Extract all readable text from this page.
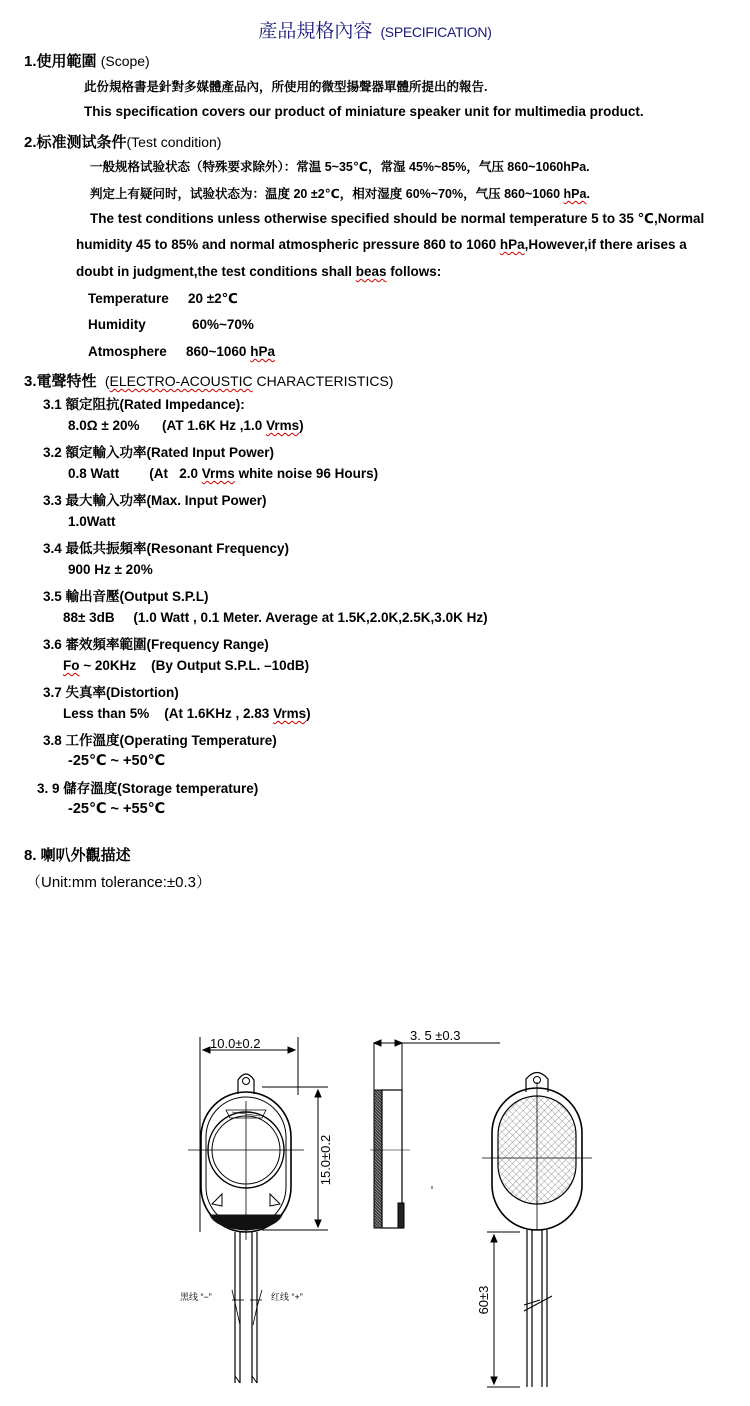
產品規格內容 (SPECIFICATION)
1.使用範圍 (Scope)
此份規格書是針對多媒體產品內，所使用的微型揚聲器單體所提出的報告.
This specification covers our product of miniature speaker unit for multimedia product.
2.标准测试条件(Test condition)
一般规格试验状态（特殊要求除外）：常温 5~35℃，常湿 45%~85%，气压 860~1060hPa.
判定上有疑问时，试验状态为：温度 20 ±2℃，相对湿度 60%~70%，气压 860~1060 hPa.
The test conditions unless otherwise specified should be normal temperature 5 to 35 ℃,Normal
humidity 45 to 85% and normal atmospheric pressure 860 to 1060 hPa,However,if there arises a
doubt in judgment,the test conditions shall beas follows:
Temperature 20 ±2℃
Humidity	60%~70%
Atmosphere 860~1060 hPa
3.電聲特性 (ELECTRO-ACOUSTIC CHARACTERISTICS)
3.1 額定阻抗(Rated Impedance):
8.0Ω ± 20%      (AT 1.6K Hz ,1.0 Vrms)
3.2 額定輸入功率(Rated Input Power)
0.8 Watt        (At   2.0 Vrms white noise 96 Hours)
3.3 最大輸入功率(Max. Input Power)
1.0Watt
3.4 最低共振頻率(Resonant Frequency)
900 Hz ± 20%
3.5 輸出音壓(Output S.P.L)
88± 3dB     (1.0 Watt , 0.1 Meter. Average at 1.5K,2.0K,2.5K,3.0K Hz)
3.6 審效頻率範圍(Frequency Range)
Fo ~ 20KHz    (By Output S.P.L. –10dB)
3.7 失真率(Distortion)
Less than 5%    (At 1.6KHz , 2.83 Vrms)
3.8 工作溫度(Operating Temperature)
-25℃ ~ +50℃
3. 9 儲存溫度(Storage temperature)
-25℃ ~ +55℃
8. 喇叭外觀描述
（Unit:mm tolerance:±0.3）
10.0±0.2
15.0±0.2
黑线 “−”	红线 “+”
3. 5 ±0.3
60±3
